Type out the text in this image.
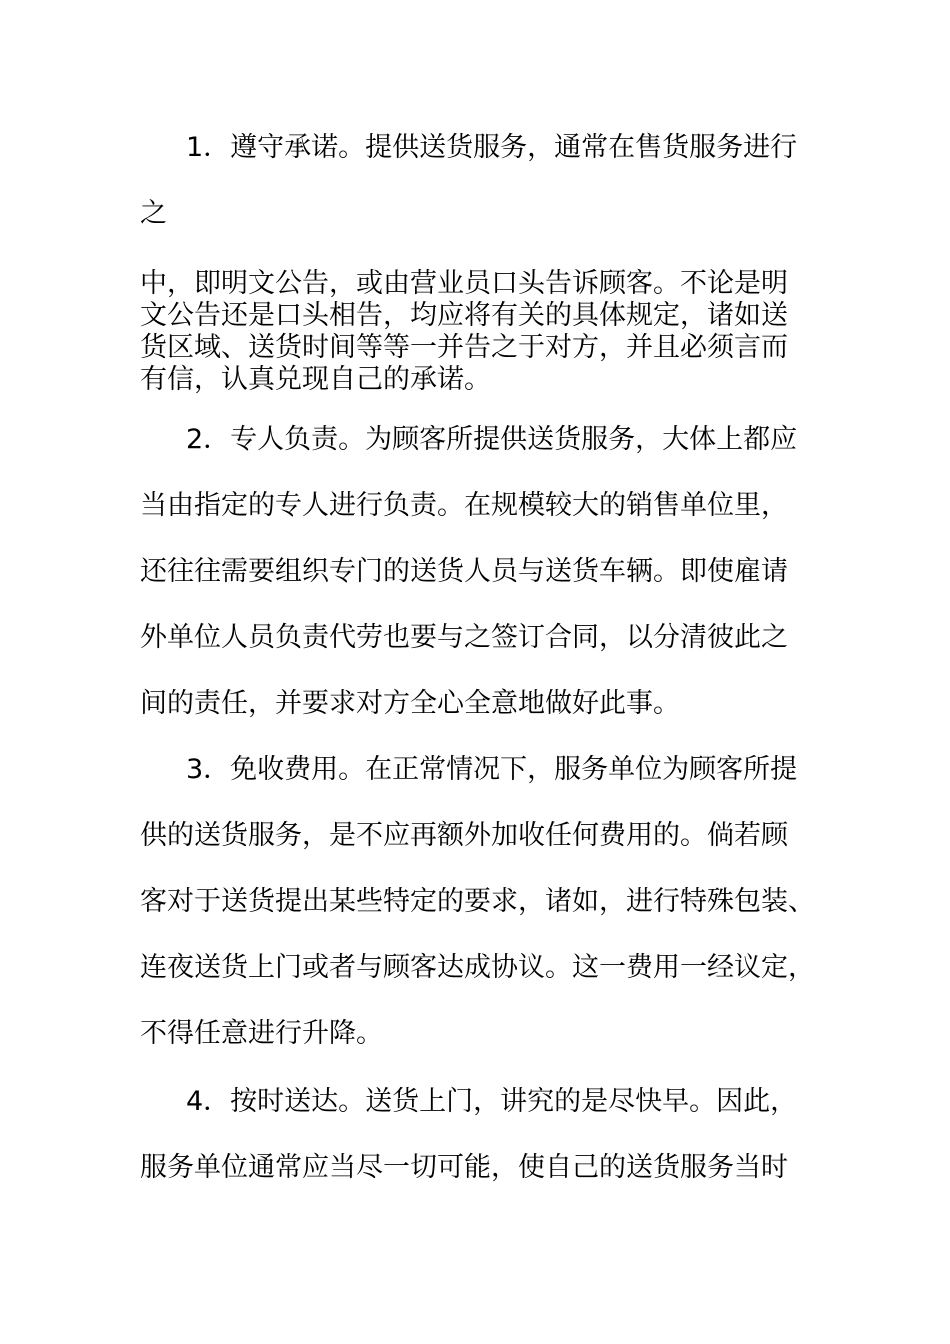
1．遵守承诺。提供送货服务，通常在售货服务进行
之
中，即明文公告，或由营业员口头告诉顾客。不论是明
文公告还是口头相告，均应将有关的具体规定，诸如送
货区域、送货时间等等一并告之于对方，并且必须言而
有信，认真兑现自己的承诺。
2．专人负责。为顾客所提供送货服务，大体上都应
当由指定的专人进行负责。在规模较大的销售单位里，
还往往需要组织专门的送货人员与送货车辆。即使雇请
外单位人员负责代劳也要与之签订合同，以分清彼此之
间的责任，并要求对方全心全意地做好此事。
3．免收费用。在正常情况下，服务单位为顾客所提
供的送货服务，是不应再额外加收任何费用的。倘若顾
客对于送货提出某些特定的要求，诸如，进行特殊包装、
连夜送货上门或者与顾客达成协议。这一费用一经议定，
不得任意进行升降。
4．按时送达。送货上门，讲究的是尽快早。因此，
服务单位通常应当尽一切可能，使自己的送货服务当时
